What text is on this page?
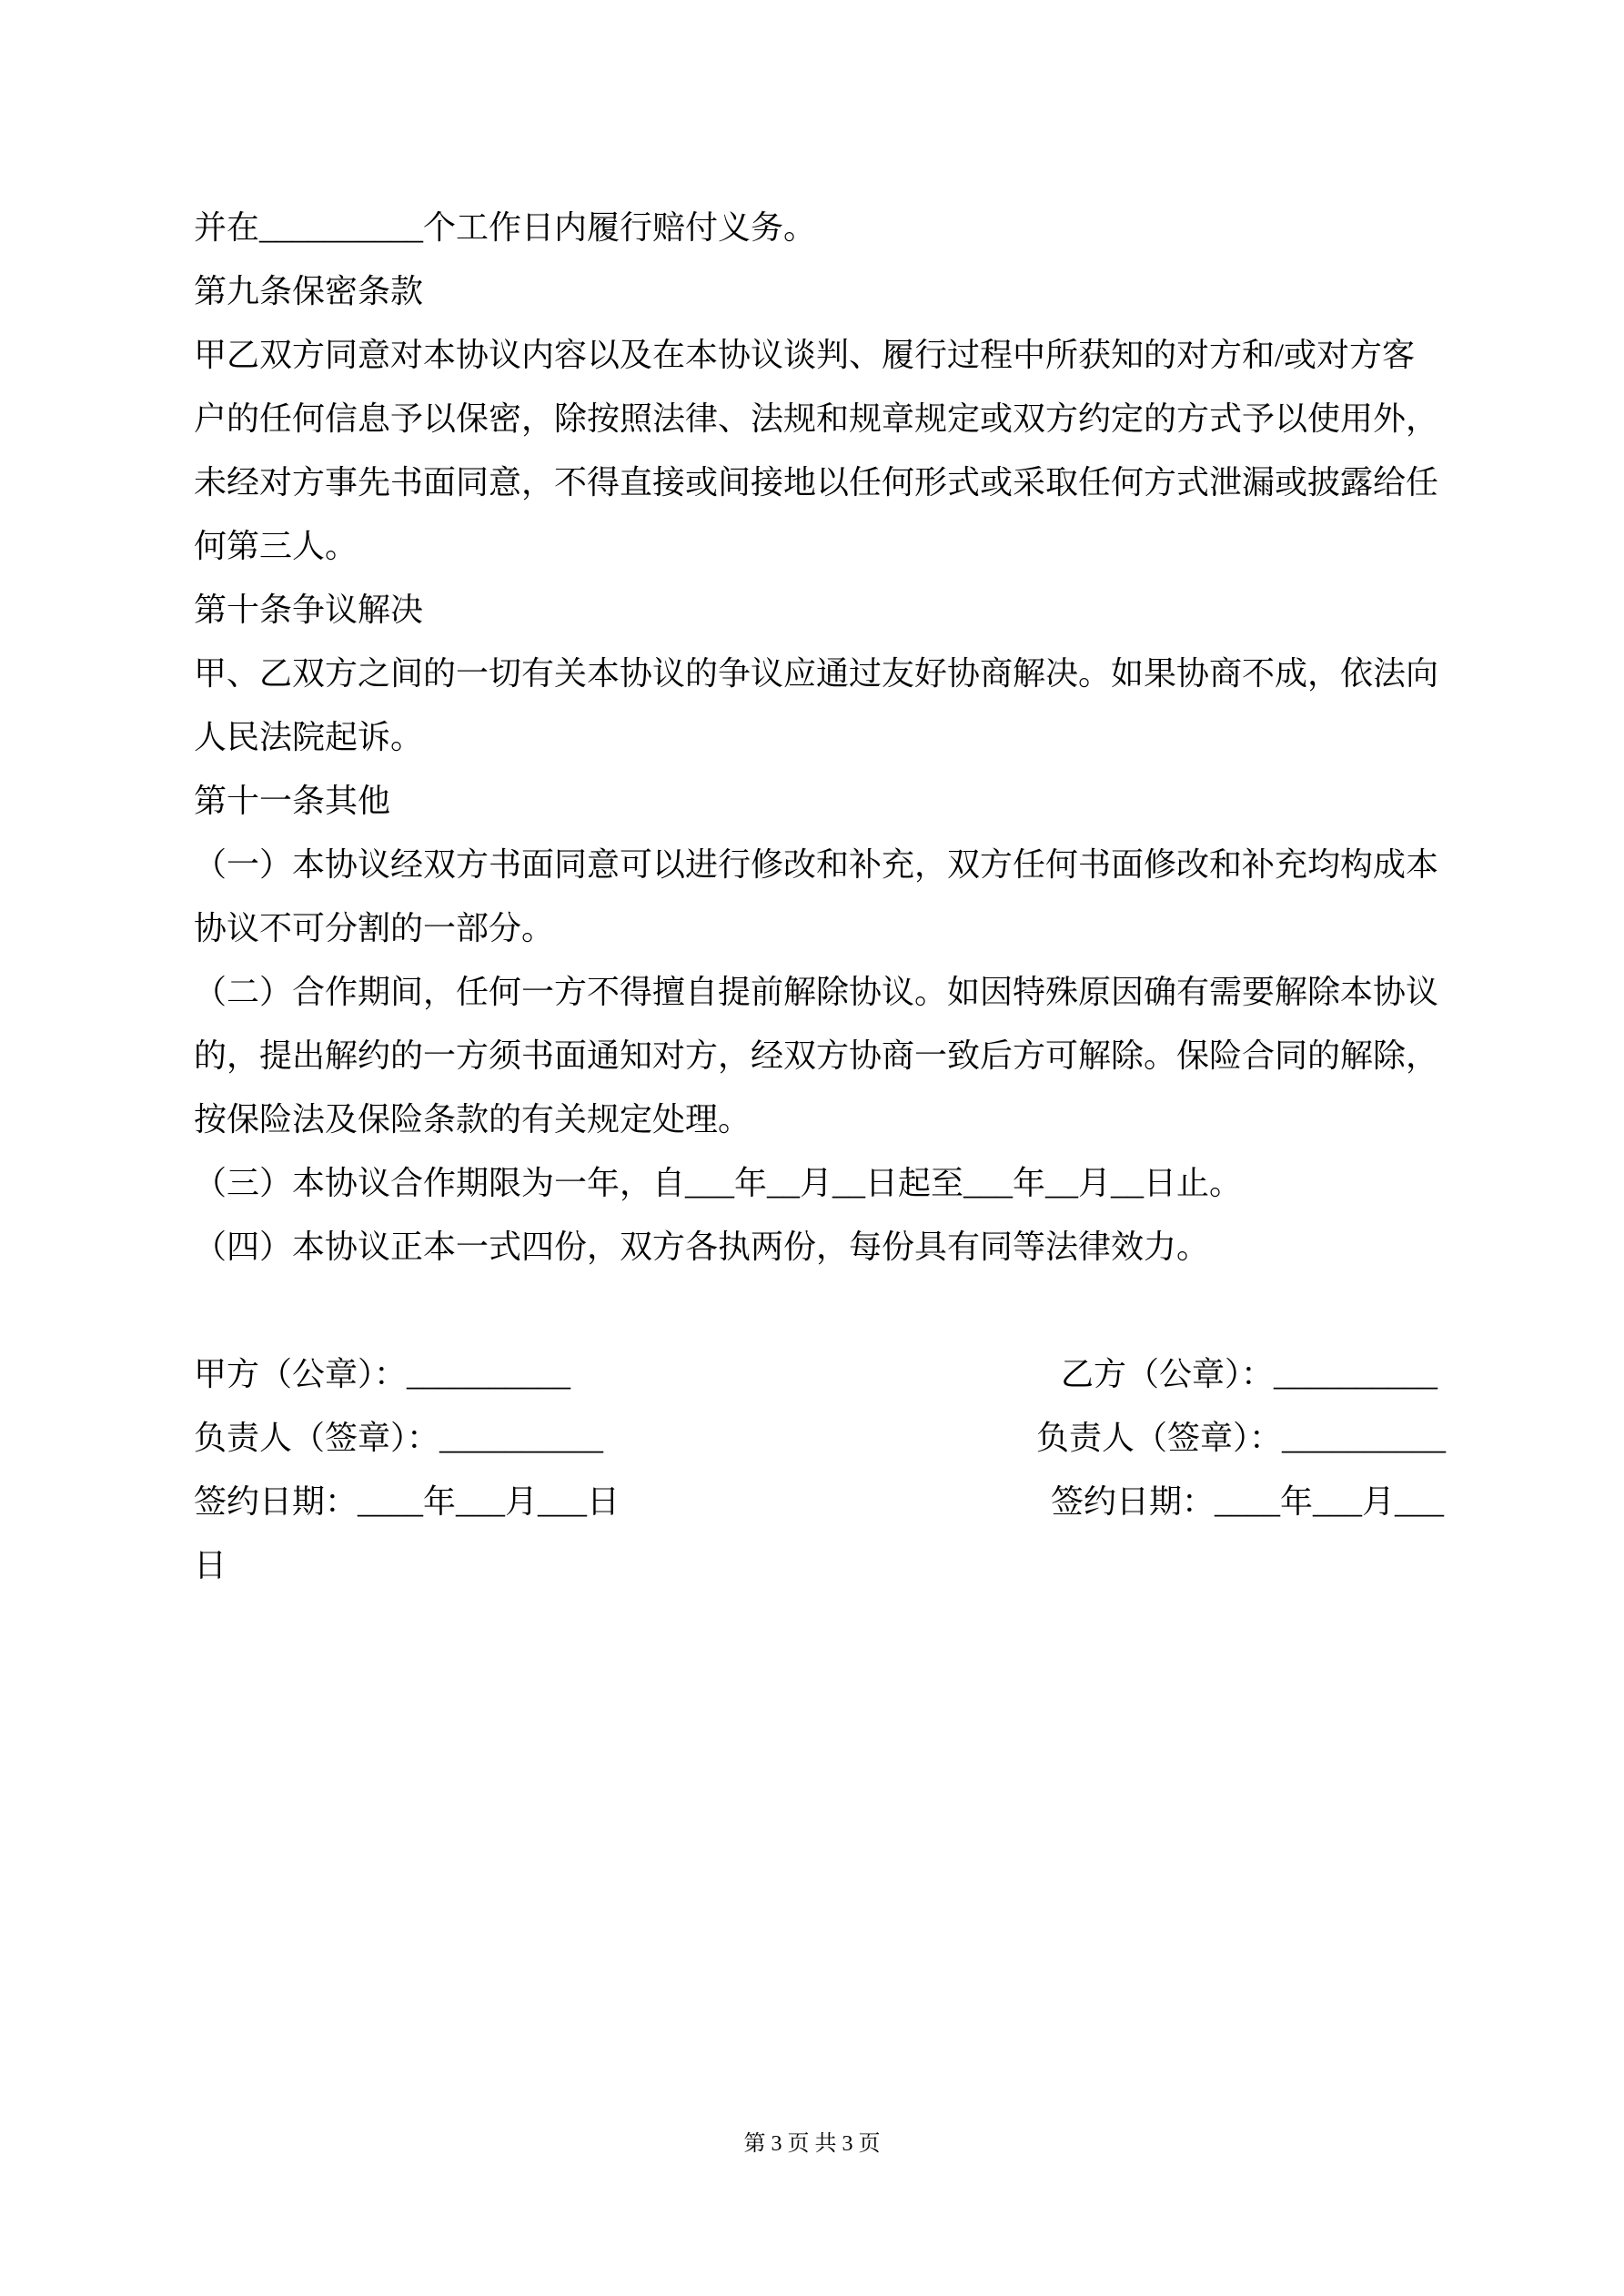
并在__________个工作日内履行赔付义务。
第九条保密条款
甲乙双方同意对本协议内容以及在本协议谈判、履行过程中所获知的对方和/或对方客
户的任何信息予以保密，除按照法律、法规和规章规定或双方约定的方式予以使用外，
未经对方事先书面同意，不得直接或间接地以任何形式或采取任何方式泄漏或披露给任
何第三人。
第十条争议解决
甲、乙双方之间的一切有关本协议的争议应通过友好协商解决。如果协商不成，依法向
人民法院起诉。
第十一条其他
（一）本协议经双方书面同意可以进行修改和补充，双方任何书面修改和补充均构成本
协议不可分割的一部分。
（二）合作期间，任何一方不得擅自提前解除协议。如因特殊原因确有需要解除本协议
的，提出解约的一方须书面通知对方，经双方协商一致后方可解除。保险合同的解除，
按保险法及保险条款的有关规定处理。
（三）本协议合作期限为一年，自___年__月__日起至___年__月__日止。
（四）本协议正本一式四份，双方各执两份，每份具有同等法律效力。
甲方（公章）：__________	乙方（公章）：__________
负责人（签章）：__________	负责人（签章）：__________
签约日期：____年___月___日	签约日期：____年___月___
日
第 3 页 共 3 页
